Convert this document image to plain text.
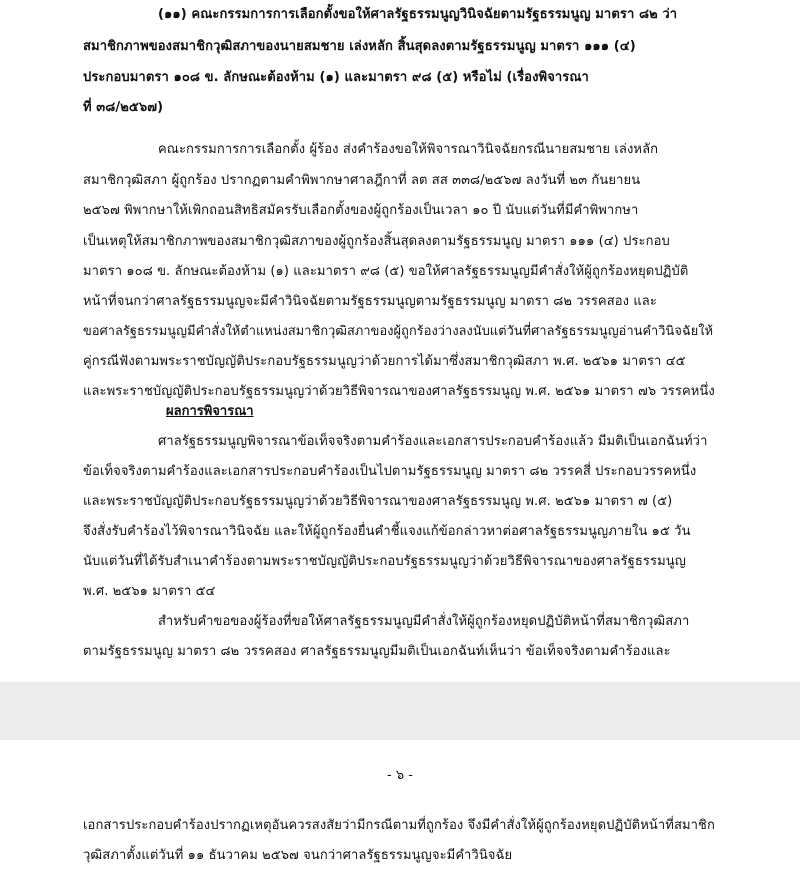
(๑๑) คณะกรรมการการเลือกตั้งขอให้ศาลรัฐธรรมนูญวินิจฉัยตามรัฐธรรมนูญ มาตรา ๘๒ ว่า
สมาชิกภาพของสมาชิกวุฒิสภาของนายสมชาย เล่งหลัก สิ้นสุดลงตามรัฐธรรมนูญ มาตรา ๑๑๑ (๔)
ประกอบมาตรา ๑๐๘ ข. ลักษณะต้องห้าม (๑) และมาตรา ๙๘ (๕) หรือไม่ (เรื่องพิจารณา
ที่ ๓๘/๒๕๖๗)
คณะกรรมการการเลือกตั้ง ผู้ร้อง ส่งคำร้องขอให้พิจารณาวินิจฉัยกรณีนายสมชาย เล่งหลัก
สมาชิกวุฒิสภา ผู้ถูกร้อง ปรากฏตามคำพิพากษาศาลฎีกาที่ ลต สส ๓๓๘/๒๕๖๗ ลงวันที่ ๒๓ กันยายน
๒๕๖๗ พิพากษาให้เพิกถอนสิทธิสมัครรับเลือกตั้งของผู้ถูกร้องเป็นเวลา ๑๐ ปี นับแต่วันที่มีคำพิพากษา
เป็นเหตุให้สมาชิกภาพของสมาชิกวุฒิสภาของผู้ถูกร้องสิ้นสุดลงตามรัฐธรรมนูญ มาตรา ๑๑๑ (๔) ประกอบ
มาตรา ๑๐๘ ข. ลักษณะต้องห้าม (๑) และมาตรา ๙๘ (๕) ขอให้ศาลรัฐธรรมนูญมีคำสั่งให้ผู้ถูกร้องหยุดปฏิบัติ
หน้าที่จนกว่าศาลรัฐธรรมนูญจะมีคำวินิจฉัยตามรัฐธรรมนูญตามรัฐธรรมนูญ มาตรา ๘๒ วรรคสอง และ
ขอศาลรัฐธรรมนูญมีคำสั่งให้ตำแหน่งสมาชิกวุฒิสภาของผู้ถูกร้องว่างลงนับแต่วันที่ศาลรัฐธรรมนูญอ่านคำวินิจฉัยให้
คู่กรณีฟังตามพระราชบัญญัติประกอบรัฐธรรมนูญว่าด้วยการได้มาซึ่งสมาชิกวุฒิสภา พ.ศ. ๒๕๖๑ มาตรา ๔๕
และพระราชบัญญัติประกอบรัฐธรรมนูญว่าด้วยวิธีพิจารณาของศาลรัฐธรรมนูญ พ.ศ. ๒๕๖๑ มาตรา ๗๖ วรรคหนึ่ง
ผลการพิจารณา
ศาลรัฐธรรมนูญพิจารณาข้อเท็จจริงตามคำร้องและเอกสารประกอบคำร้องแล้ว มีมติเป็นเอกฉันท์ว่า
ข้อเท็จจริงตามคำร้องและเอกสารประกอบคำร้องเป็นไปตามรัฐธรรมนูญ มาตรา ๘๒ วรรคสี่ ประกอบวรรคหนึ่ง
และพระราชบัญญัติประกอบรัฐธรรมนูญว่าด้วยวิธีพิจารณาของศาลรัฐธรรมนูญ พ.ศ. ๒๕๖๑ มาตรา ๗ (๕)
จึงสั่งรับคำร้องไว้พิจารณาวินิจฉัย และให้ผู้ถูกร้องยื่นคำชี้แจงแก้ข้อกล่าวหาต่อศาลรัฐธรรมนูญภายใน ๑๕ วัน
นับแต่วันที่ได้รับสำเนาคำร้องตามพระราชบัญญัติประกอบรัฐธรรมนูญว่าด้วยวิธีพิจารณาของศาลรัฐธรรมนูญ
พ.ศ. ๒๕๖๑ มาตรา ๕๔
สำหรับคำขอของผู้ร้องที่ขอให้ศาลรัฐธรรมนูญมีคำสั่งให้ผู้ถูกร้องหยุดปฏิบัติหน้าที่สมาชิกวุฒิสภา
ตามรัฐธรรมนูญ มาตรา ๘๒ วรรคสอง ศาลรัฐธรรมนูญมีมติเป็นเอกฉันท์เห็นว่า ข้อเท็จจริงตามคำร้องและ
- ๖ -
เอกสารประกอบคำร้องปรากฏเหตุอันควรสงสัยว่ามีกรณีตามที่ถูกร้อง จึงมีคำสั่งให้ผู้ถูกร้องหยุดปฏิบัติหน้าที่สมาชิก
วุฒิสภาตั้งแต่วันที่ ๑๑ ธันวาคม ๒๕๖๗ จนกว่าศาลรัฐธรรมนูญจะมีคำวินิจฉัย
